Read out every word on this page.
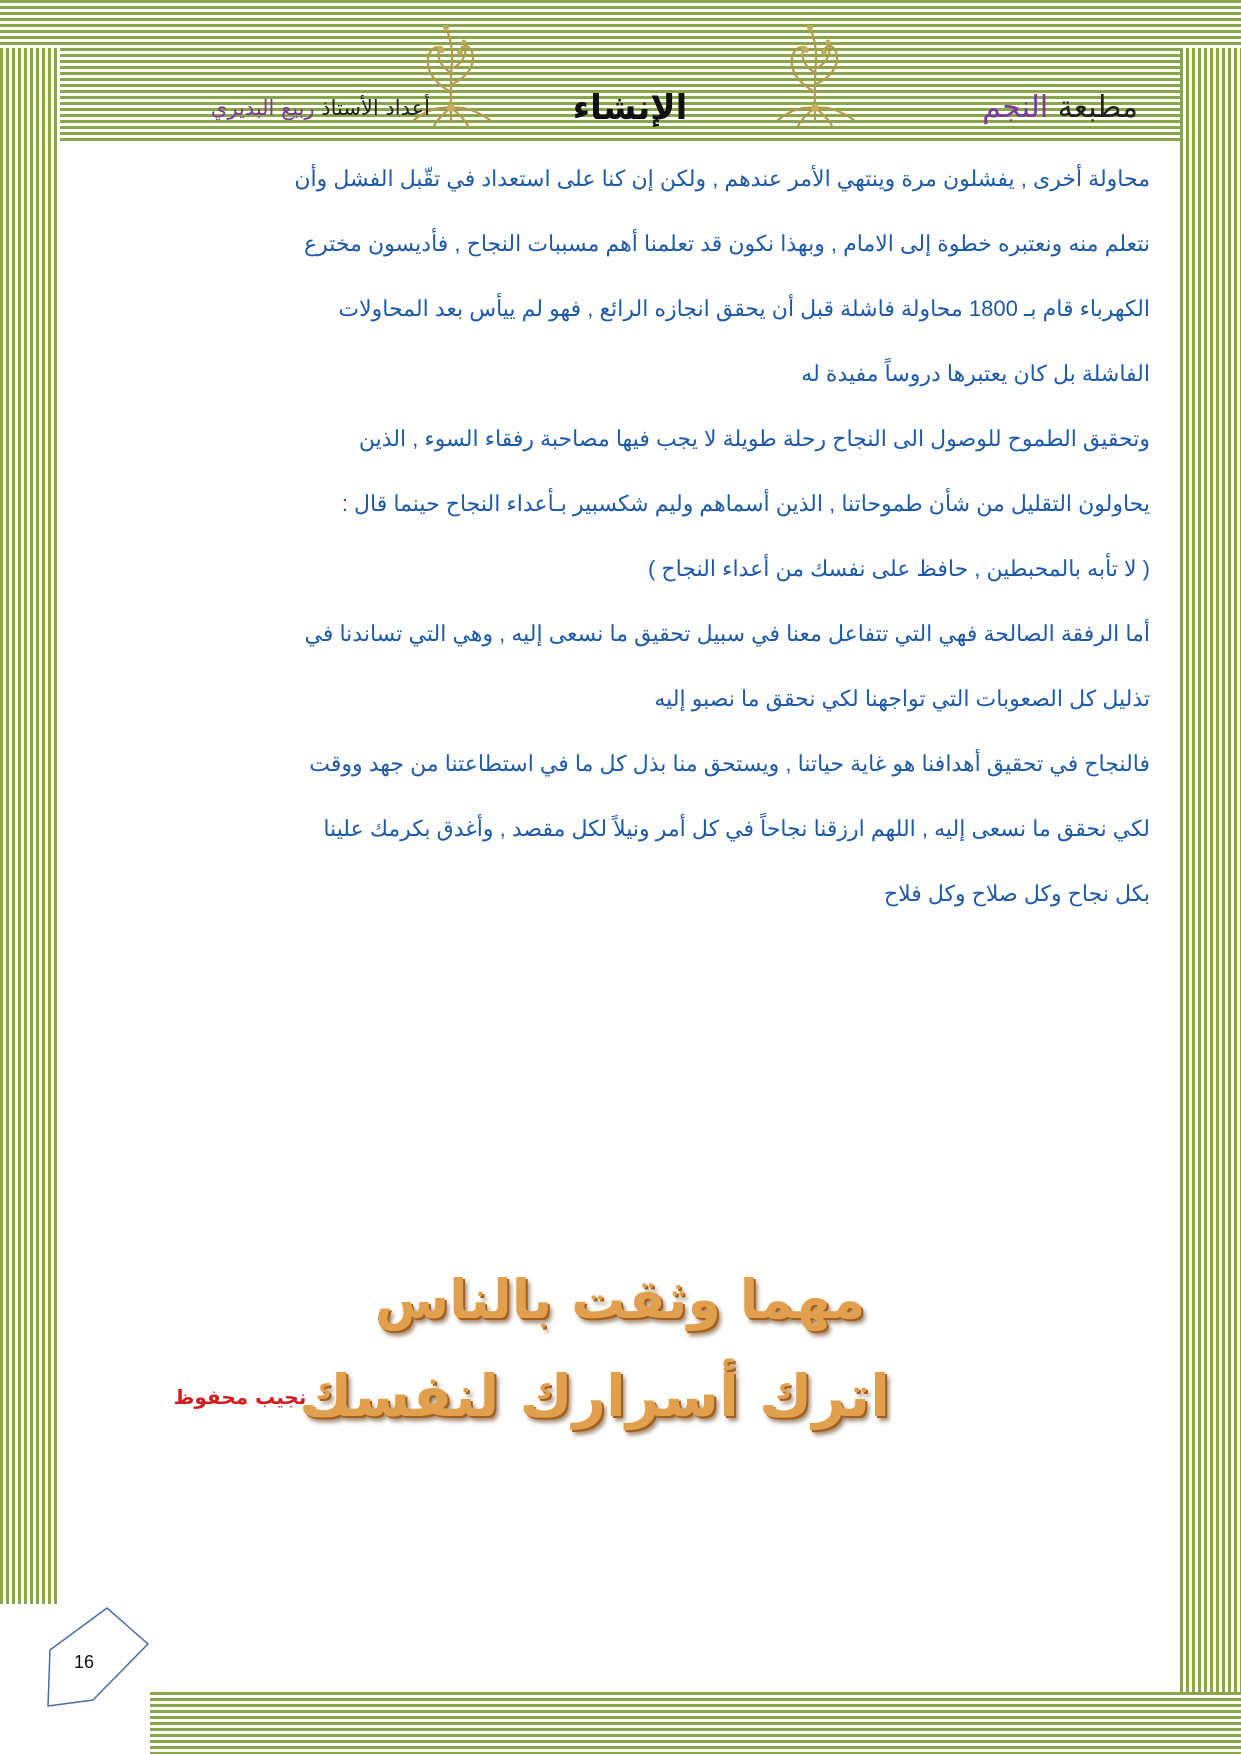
مطبعة النجم
الإنشاء
أعداد الأستاذ ربيع البديري

محاولة أخرى , يفشلون مرة وينتهي الأمر عندهم , ولكن إن كنا على استعداد في تقّبل الفشل وأن

نتعلم منه ونعتبره خطوة إلى الامام , وبهذا نكون قد تعلمنا أهم مسببات النجاح , فأديسون مخترع

الكهرباء قام بـ 1800 محاولة فاشلة قبل أن يحقق انجازه الرائع , فهو لم ييأس بعد المحاولات

الفاشلة بل كان يعتبرها دروساً مفيدة له

وتحقيق الطموح للوصول الى النجاح رحلة طويلة لا يجب فيها مصاحبة رفقاء السوء , الذين

يحاولون التقليل من شأن طموحاتنا , الذين أسماهم وليم شكسبير بـأعداء النجاح حينما قال :

( لا تأبه بالمحبطين , حافظ على نفسك من أعداء النجاح )

أما الرفقة الصالحة فهي التي تتفاعل معنا في سبيل تحقيق ما نسعى إليه , وهي التي تساندنا في

تذليل كل الصعوبات التي تواجهنا لكي نحقق ما نصبو إليه

فالنجاح في تحقيق أهدافنا هو غاية حياتنا , ويستحق منا بذل كل ما في استطاعتنا من جهد ووقت

لكي نحقق ما نسعى إليه , اللهم ارزقنا نجاحاً في كل أمر ونيلاً لكل مقصد , وأغدق بكرمك علينا

بكل نجاح وكل صلاح وكل فلاح

مهما وثقت بالناس
اترك أسرارك لنفسك
نجيب محفوظ
16
